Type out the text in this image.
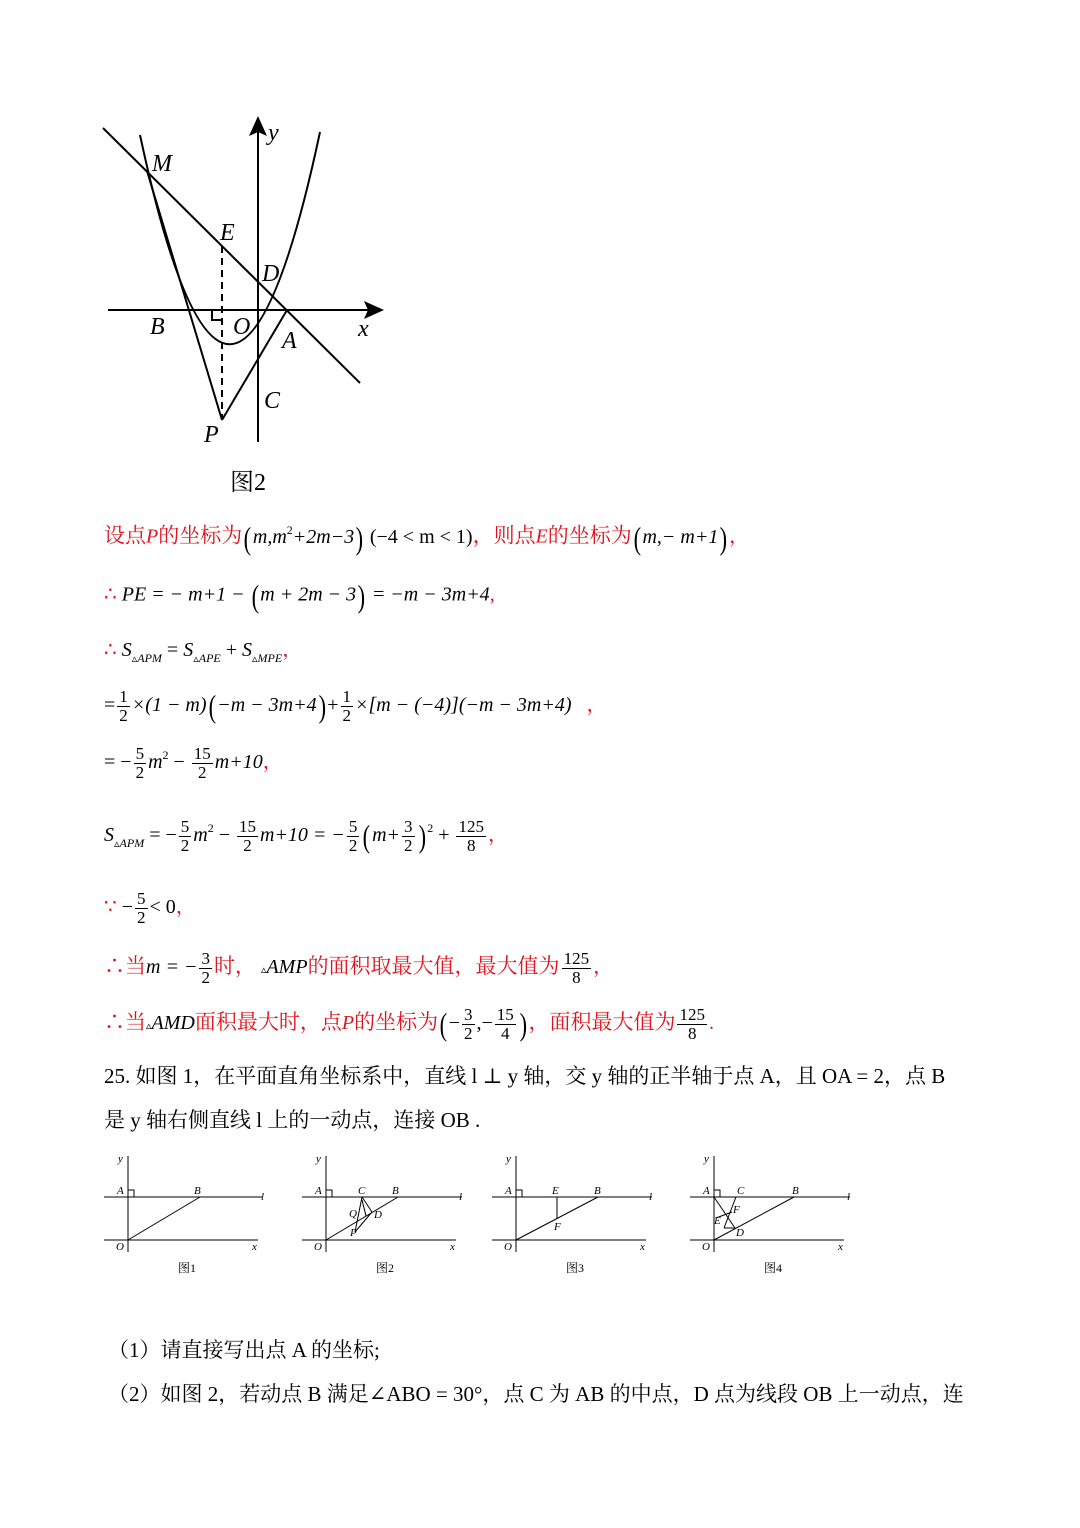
M
E
D
B	O
A
C
P
x
y
图2
设点P的坐标为$(m,m^2+2m-3) (-4 < m < 1)$，则点E的坐标为(m,− m+1)，
∴ PE = − m+1 − (m + 2m − 3) = −m − 3m+4,
∴ $S_{▵APM} = S_{▵APE} + S_{▵MPE}$，
= $\frac{1}{2} \times(1 - m)(-m - 3m+4)+ \frac{1}{2} \times[m - (-4)](-m - 3m+4)$ ，
= − $\frac{5}{2} m^2 - \frac{15}{2} m+10$，
$S_{▵APM}$ = − $\frac{5}{2} m^2 - \frac{15}{2} m+10$ = − $\frac{5}{2} (m+ \frac{3}{2}$ ) $^2 + \frac{125}{8}$ ，
∵ − $\frac{5}{2} < 0$，
∴当m = − $\frac{3}{2}$ 时， ▵AMP的面积取最大值，最大值为 $\frac{125}{8}$ ，
∴当▵AMD面积最大时，点P的坐标为(− $\frac{3}{2}$ ,− $\frac{15}{4}$ )，面积最大值为 $\frac{125}{8}$ .
25. 如图 1，在平面直角坐标系中，直线 l ⊥ y 轴，交 y 轴的正半轴于点 A，且 OA = 2，点 B
是 y 轴右侧直线 l 上的一动点，连接 OB .
y
A	B	l
O	x
y
A	C B	l
Q D
P
O	x
y
A	E	B	l
F
O	x
y
A C	B	l
F
E
D
O	x
图1	图2	图3	图4
（1）请直接写出点 A 的坐标;
（2）如图 2，若动点 B 满足∠ABO = 30°，点 C 为 AB 的中点，D 点为线段 OB 上一动点，连
